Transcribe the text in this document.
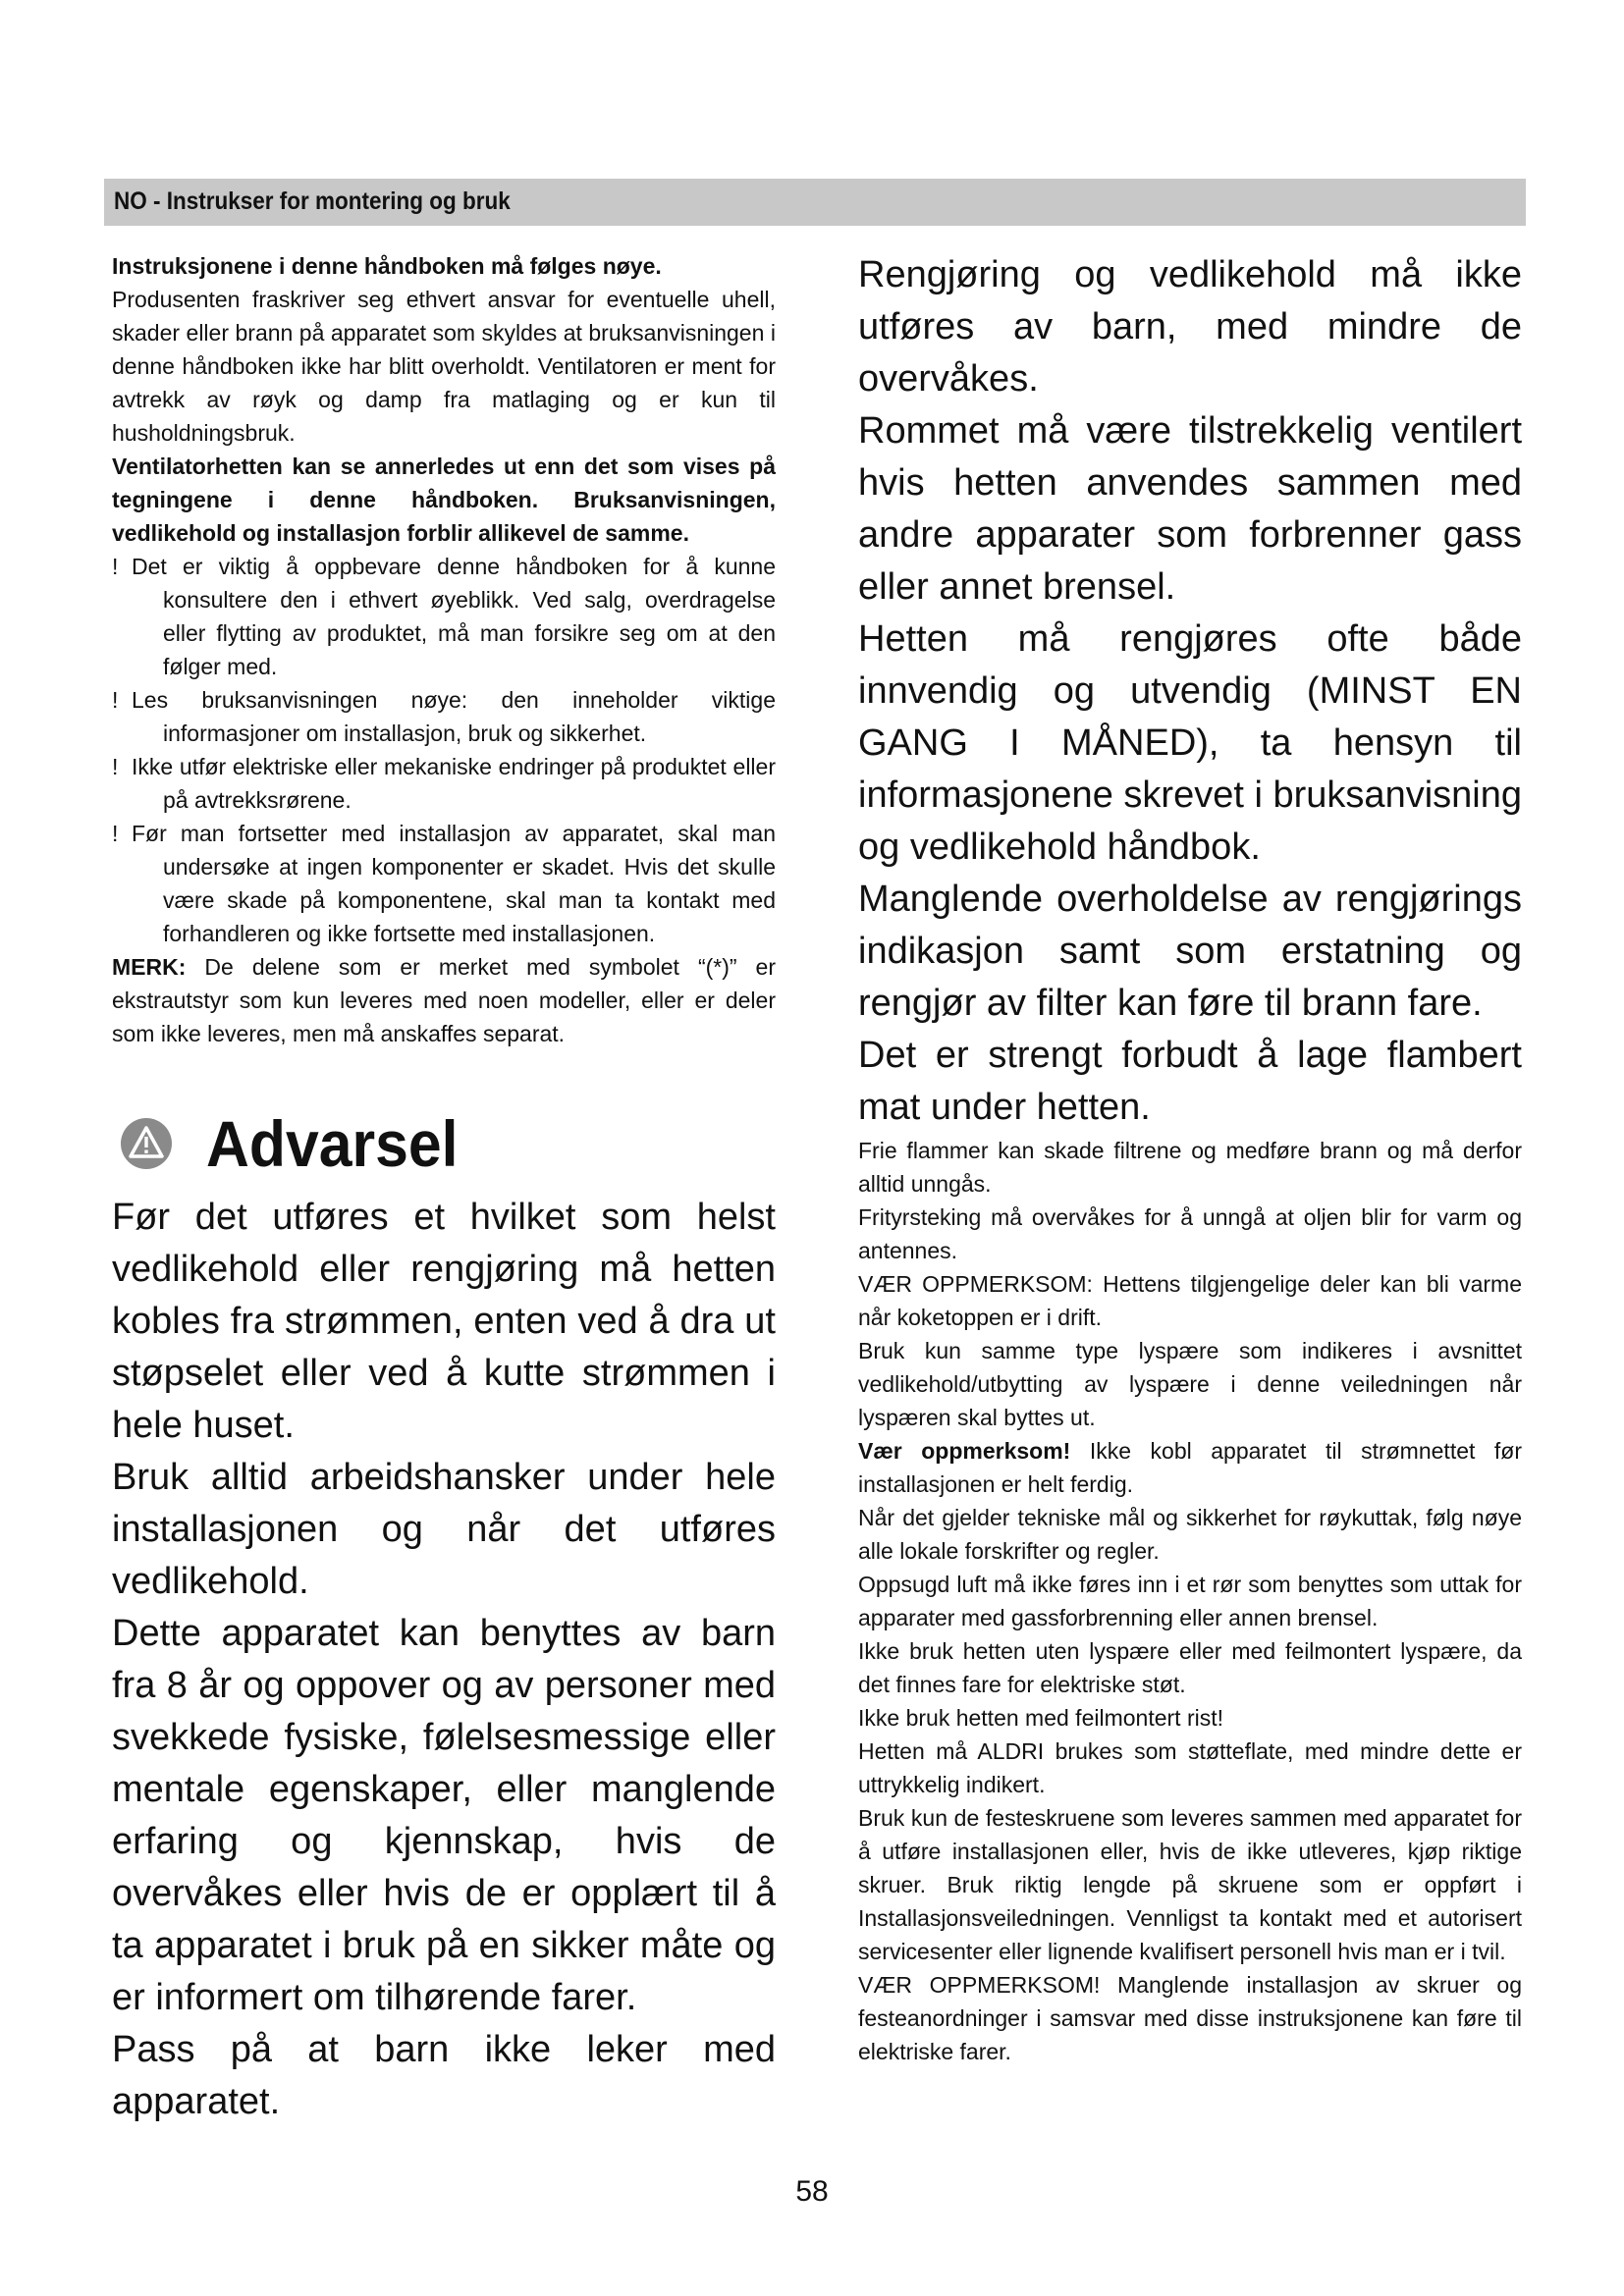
NO - Instrukser for montering og bruk

Instruksjonene i denne håndboken må følges nøye.

Produsenten fraskriver seg ethvert ansvar for eventuelle uhell, skader eller brann på apparatet som skyldes at bruksanvisningen i denne håndboken ikke har blitt overholdt. Ventilatoren er ment for avtrekk av røyk og damp fra matlaging og er kun til husholdningsbruk.

Ventilatorhetten kan se annerledes ut enn det som vises på tegningene i denne håndboken. Bruksanvisningen, vedlikehold og installasjon forblir allikevel de samme.

! Det er viktig å oppbevare denne håndboken for å kunne konsultere den i ethvert øyeblikk. Ved salg, overdragelse eller flytting av produktet, må man forsikre seg om at den følger med.

! Les bruksanvisningen nøye: den inneholder viktige informasjoner om installasjon, bruk og sikkerhet.

! Ikke utfør elektriske eller mekaniske endringer på produktet eller på avtrekksrørene.

! Før man fortsetter med installasjon av apparatet, skal man undersøke at ingen komponenter er skadet. Hvis det skulle være skade på komponentene, skal man ta kontakt med forhandleren og ikke fortsette med installasjonen.

MERK: De delene som er merket med symbolet “(*)” er ekstrautstyr som kun leveres med noen modeller, eller er deler som ikke leveres, men må anskaffes separat.

Advarsel

Før det utføres et hvilket som helst vedlikehold eller rengjøring må hetten kobles fra strømmen, enten ved å dra ut støpselet eller ved å kutte strømmen i hele huset.

Bruk alltid arbeidshansker under hele installasjonen og når det utføres vedlikehold.

Dette apparatet kan benyttes av barn fra 8 år og oppover og av personer med svekkede fysiske, følelsesmessige eller mentale egenskaper, eller manglende erfaring og kjennskap, hvis de overvåkes eller hvis de er opplært til å ta apparatet i bruk på en sikker måte og er informert om tilhørende farer.

Pass på at barn ikke leker med apparatet.

Rengjøring og vedlikehold må ikke utføres av barn, med mindre de overvåkes.

Rommet må være tilstrekkelig ventilert hvis hetten anvendes sammen med andre apparater som forbrenner gass eller annet brensel.

Hetten må rengjøres ofte både innvendig og utvendig (MINST EN GANG I MÅNED), ta hensyn til informasjonene skrevet i bruksanvisning og vedlikehold håndbok.

Manglende overholdelse av rengjørings indikasjon samt som erstatning og rengjør av filter kan føre til brann fare.

Det er strengt forbudt å lage flambert mat under hetten.

Frie flammer kan skade filtrene og medføre brann og må derfor alltid unngås.

Frityrsteking må overvåkes for å unngå at oljen blir for varm og antennes.

VÆR OPPMERKSOM: Hettens tilgjengelige deler kan bli varme når koketoppen er i drift.

Bruk kun samme type lyspære som indikeres i avsnittet vedlikehold/utbytting av lyspære i denne veiledningen når lyspæren skal byttes ut.

Vær oppmerksom! Ikke kobl apparatet til strømnettet før installasjonen er helt ferdig.

Når det gjelder tekniske mål og sikkerhet for røykuttak, følg nøye alle lokale forskrifter og regler.

Oppsugd luft må ikke føres inn i et rør som benyttes som uttak for apparater med gassforbrenning eller annen brensel.

Ikke bruk hetten uten lyspære eller med feilmontert lyspære, da det finnes fare for elektriske støt.

Ikke bruk hetten med feilmontert rist!

Hetten må ALDRI brukes som støtteflate, med mindre dette er uttrykkelig indikert.

Bruk kun de festeskruene som leveres sammen med apparatet for å utføre installasjonen eller, hvis de ikke utleveres, kjøp riktige skruer. Bruk riktig lengde på skruene som er oppført i Installasjonsveiledningen. Vennligst ta kontakt med et autorisert servicesenter eller lignende kvalifisert personell hvis man er i tvil.

VÆR OPPMERKSOM! Manglende installasjon av skruer og festeanordninger i samsvar med disse instruksjonene kan føre til elektriske farer.

58
